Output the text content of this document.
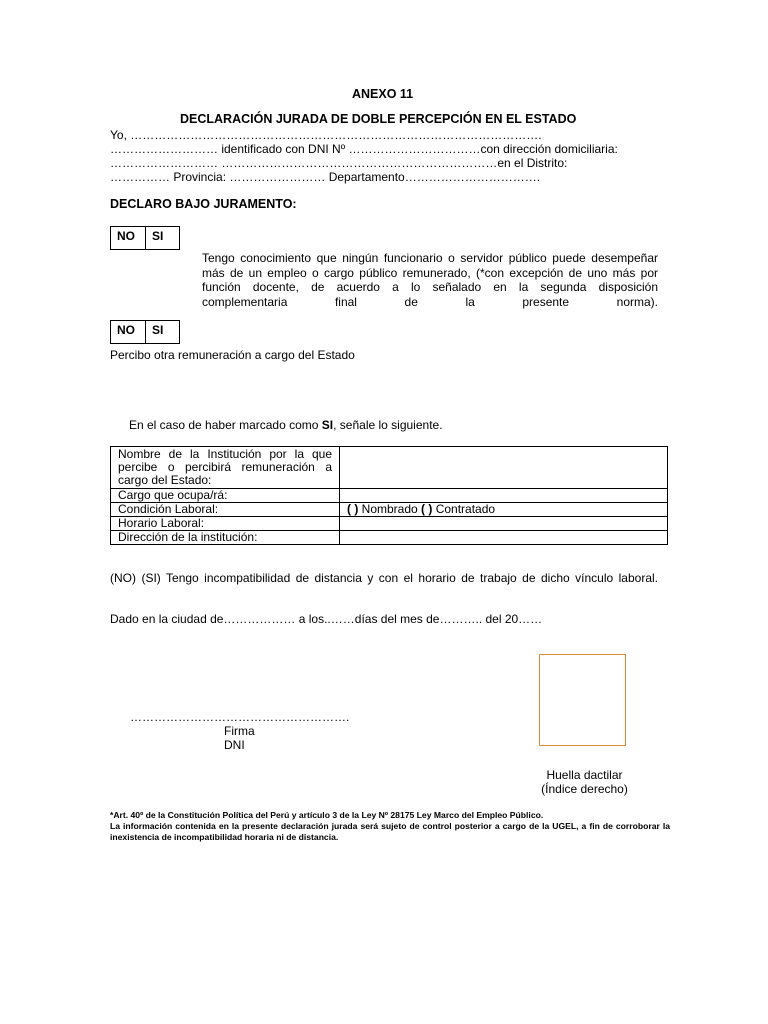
ANEXO 11
DECLARACIÓN JURADA DE DOBLE PERCEPCIÓN EN EL ESTADO
Yo, ………………………………………………………………………………………….
……………………… identificado con DNI Nº ……………………………con dirección domiciliaria:
……………………… ……………………………………………………………en el Distrito:
…………… Provincia: …………………… Departamento…………………………….
DECLARO BAJO JURAMENTO:
NO	SI
Tengo conocimiento que ningún funcionario o servidor público puede desempeñar más de un empleo o cargo público remunerado, (*con excepción de uno más por función docente, de acuerdo a lo señalado en la segunda disposición complementaria final de la presente norma).
NO	SI
Percibo otra remuneración a cargo del Estado
En el caso de haber marcado como SI, señale lo siguiente.
Nombre de la Institución por la que percibe o percibirá remuneración a cargo del Estado:	
Cargo que ocupa/rá:	
Condición Laboral:	( ) Nombrado ( ) Contratado
Horario Laboral:	
Dirección de la institución:	
(NO) (SI) Tengo incompatibilidad de distancia y con el horario de trabajo de dicho vínculo laboral.
Dado en la ciudad de……………… a los..……días del mes de……….. del 20……
……………………………………………….
Firma
DNI
Huella dactilar
(Índice derecho)
*Art. 40º de la Constitución Política del Perú y artículo 3 de la Ley Nº 28175 Ley Marco del Empleo Público.
La información contenida en la presente declaración jurada será sujeto de control posterior a cargo de la UGEL, a fin de corroborar la inexistencia de incompatibilidad horaria ni de distancia.
